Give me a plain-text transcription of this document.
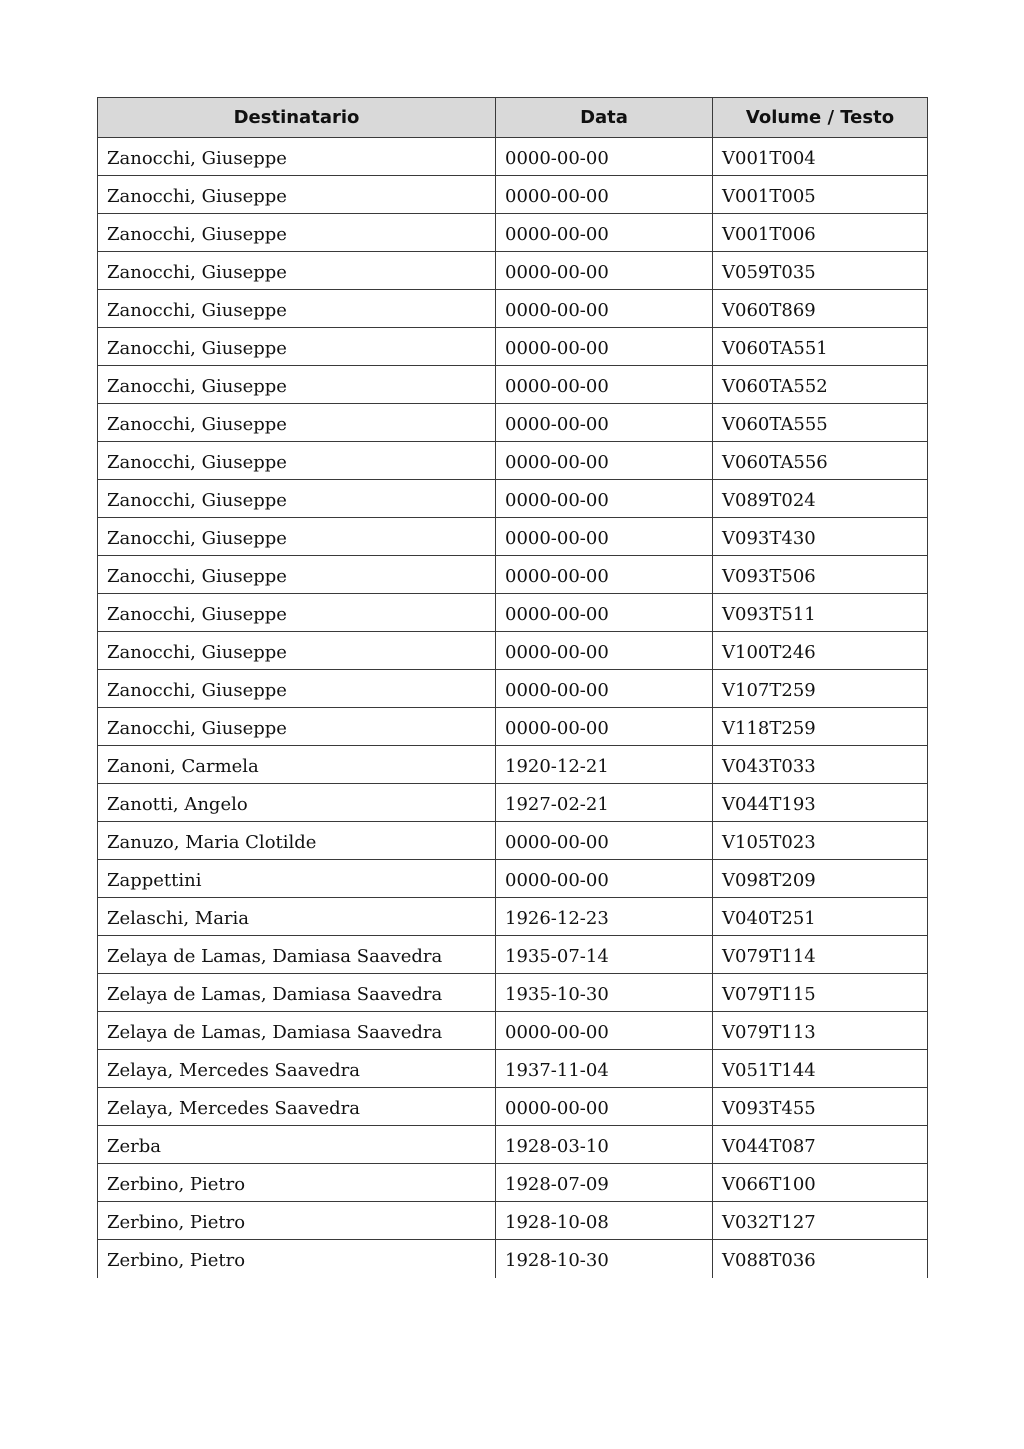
Destinatario	Data	Volume / Testo
Zanocchi, Giuseppe	0000-00-00	V001T004
Zanocchi, Giuseppe	0000-00-00	V001T005
Zanocchi, Giuseppe	0000-00-00	V001T006
Zanocchi, Giuseppe	0000-00-00	V059T035
Zanocchi, Giuseppe	0000-00-00	V060T869
Zanocchi, Giuseppe	0000-00-00	V060TA551
Zanocchi, Giuseppe	0000-00-00	V060TA552
Zanocchi, Giuseppe	0000-00-00	V060TA555
Zanocchi, Giuseppe	0000-00-00	V060TA556
Zanocchi, Giuseppe	0000-00-00	V089T024
Zanocchi, Giuseppe	0000-00-00	V093T430
Zanocchi, Giuseppe	0000-00-00	V093T506
Zanocchi, Giuseppe	0000-00-00	V093T511
Zanocchi, Giuseppe	0000-00-00	V100T246
Zanocchi, Giuseppe	0000-00-00	V107T259
Zanocchi, Giuseppe	0000-00-00	V118T259
Zanoni, Carmela	1920-12-21	V043T033
Zanotti, Angelo	1927-02-21	V044T193
Zanuzo, Maria Clotilde	0000-00-00	V105T023
Zappettini	0000-00-00	V098T209
Zelaschi, Maria	1926-12-23	V040T251
Zelaya de Lamas, Damiasa Saavedra	1935-07-14	V079T114
Zelaya de Lamas, Damiasa Saavedra	1935-10-30	V079T115
Zelaya de Lamas, Damiasa Saavedra	0000-00-00	V079T113
Zelaya, Mercedes Saavedra	1937-11-04	V051T144
Zelaya, Mercedes Saavedra	0000-00-00	V093T455
Zerba	1928-03-10	V044T087
Zerbino, Pietro	1928-07-09	V066T100
Zerbino, Pietro	1928-10-08	V032T127
Zerbino, Pietro	1928-10-30	V088T036
